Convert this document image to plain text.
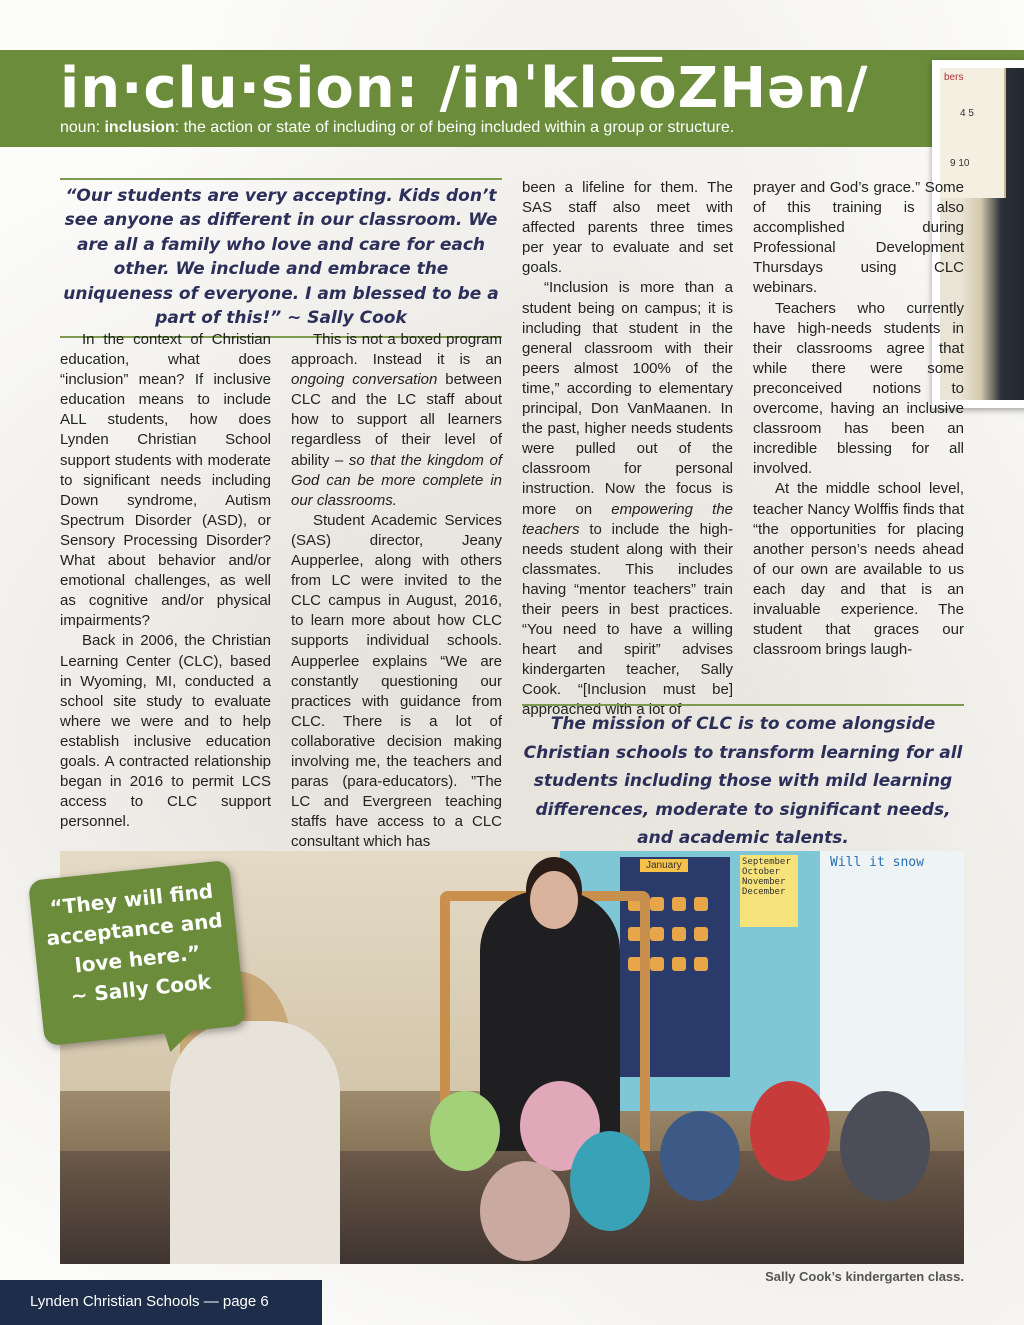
in·clu·sion: /inˈklo͞oZHən/
noun: inclusion: the action or state of including or of being included within a group or structure.
bers
4 5
9 10
“Our students are very accepting. Kids don’t see anyone as different in our classroom. We are all a family who love and care for each other. We include and embrace the uniqueness of everyone. I am blessed to be a part of this!” ~ Sally Cook

In the context of Christian education, what does “inclusion” mean? If inclusive education means to include ALL students, how does Lynden Christian School support students with moderate to significant needs including Down syndrome, Autism Spectrum Disorder (ASD), or Sensory Processing Disorder? What about behavior and/or emotional challenges, as well as cognitive and/or physical impairments?

Back in 2006, the Christian Learning Center (CLC), based in Wyoming, MI, conducted a school site study to evaluate where we were and to help establish inclusive education goals. A contracted relationship began in 2016 to permit LCS access to CLC support personnel.

This is not a boxed program approach. Instead it is an ongoing conversation between CLC and the LC staff about how to support all learners regardless of their level of ability – so that the kingdom of God can be more complete in our classrooms.

Student Academic Services (SAS) director, Jeany Aupperlee, along with others from LC were invited to the CLC campus in August, 2016, to learn more about how CLC supports individual schools. Aupperlee explains “We are constantly questioning our practices with guidance from CLC. There is a lot of collaborative decision making involving me, the teachers and paras (para-educators). ”The LC and Evergreen teaching staffs have access to a CLC consultant which has

been a lifeline for them. The SAS staff also meet with affected parents three times per year to evaluate and set goals.

“Inclusion is more than a student being on campus; it is including that student in the general classroom with their peers almost 100% of the time,” according to elementary principal, Don VanMaanen. In the past, higher needs students were pulled out of the classroom for personal instruction. Now the focus is more on empowering the teachers to include the high-needs student along with their classmates. This includes having “mentor teachers” train their peers in best practices. “You need to have a willing heart and spirit” advises kindergarten teacher, Sally Cook. “[Inclusion must be] approached with a lot of

prayer and God’s grace.” Some of this training is also accomplished during Professional Development Thursdays using CLC webinars.

Teachers who currently have high-needs students in their classrooms agree that while there were some preconceived notions to overcome, having an inclusive classroom has been an incredible blessing for all involved.

At the middle school level, teacher Nancy Wolffis finds that “the opportunities for placing another person’s needs ahead of our own are available to us each day and that is an invaluable experience. The student that graces our classroom brings laugh-

The mission of CLC is to come alongside Christian schools to transform learning for all students including those with mild learning differences, moderate to significant needs, and academic talents.
January	September October November December
Will it snow
“They will find
acceptance and
love here.”
~ Sally Cook
Sally Cook’s kindergarten class.
Lynden Christian Schools — page 6
